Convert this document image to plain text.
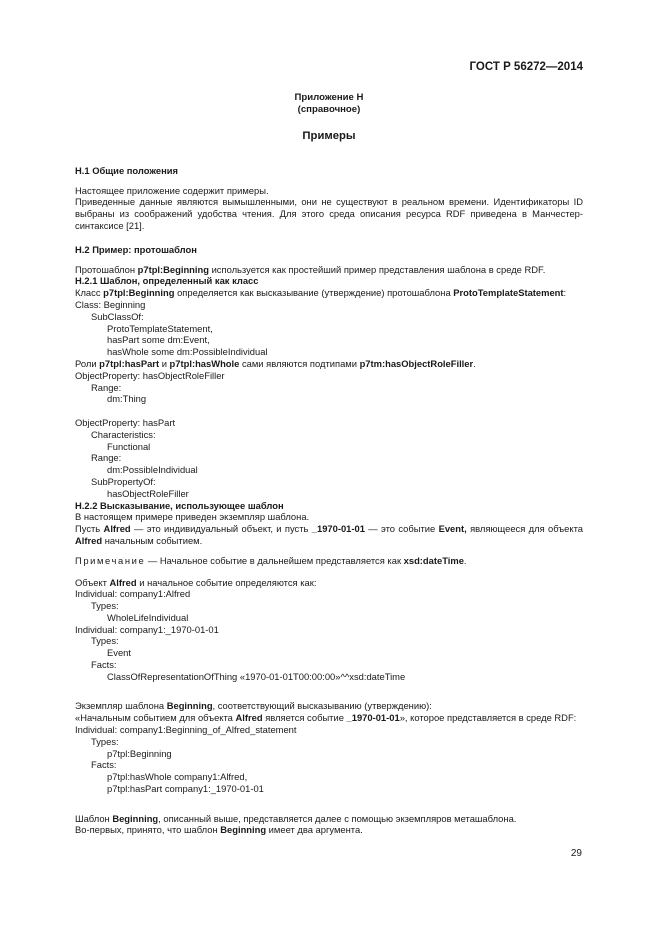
ГОСТ Р 56272—2014
Приложение Н
(справочное)
Примеры
Н.1 Общие положения
Настоящее приложение содержит примеры.
Приведенные данные являются вымышленными, они не существуют в реальном времени. Идентификаторы ID выбраны из соображений удобства чтения. Для этого среда описания ресурса RDF приведена в Манчестер-синтаксисе [21].
Н.2 Пример: протошаблон
Протошаблон p7tpl:Beginning используется как простейший пример представления шаблона в среде RDF.
Н.2.1 Шаблон, определенный как класс
Класс p7tpl:Beginning определяется как высказывание (утверждение) протошаблона ProtoTemplateStatement:
Class: Beginning
SubClassOf:
ProtoTemplateStatement,
hasPart some dm:Event,
hasWhole some dm:PossibleIndividual
Роли p7tpl:hasPart и p7tpl:hasWhole сами являются подтипами p7tm:hasObjectRoleFiller.
ObjectProperty: hasObjectRoleFiller
Range:
dm:Thing
ObjectProperty: hasPart
Characteristics:
Functional
Range:
dm:PossibleIndividual
SubPropertyOf:
hasObjectRoleFiller
Н.2.2 Высказывание, использующее шаблон
В настоящем примере приведен экземпляр шаблона.
Пусть Alfred — это индивидуальный объект, и пусть _1970-01-01 — это событие Event, являющееся для объекта Alfred начальным событием.
Примечание — Начальное событие в дальнейшем представляется как xsd:dateTime.
Объект Alfred и начальное событие определяются как:
Individual: company1:Alfred
Types:
WholeLifeIndividual
Individual: company1:_1970-01-01
Types:
Event
Facts:
ClassOfRepresentationOfThing «1970-01-01T00:00:00»^^xsd:dateTime
Экземпляр шаблона Beginning, соответствующий высказыванию (утверждению):
«Начальным событием для объекта Alfred является событие _1970-01-01», которое представляется в среде RDF:
Individual: company1:Beginning_of_Alfred_statement
Types:
p7tpl:Beginning
Facts:
p7tpl:hasWhole company1:Alfred,
p7tpl:hasPart company1:_1970-01-01
Шаблон Beginning, описанный выше, представляется далее с помощью экземпляров меташаблона.
Во-первых, принято, что шаблон Beginning имеет два аргумента.
29
